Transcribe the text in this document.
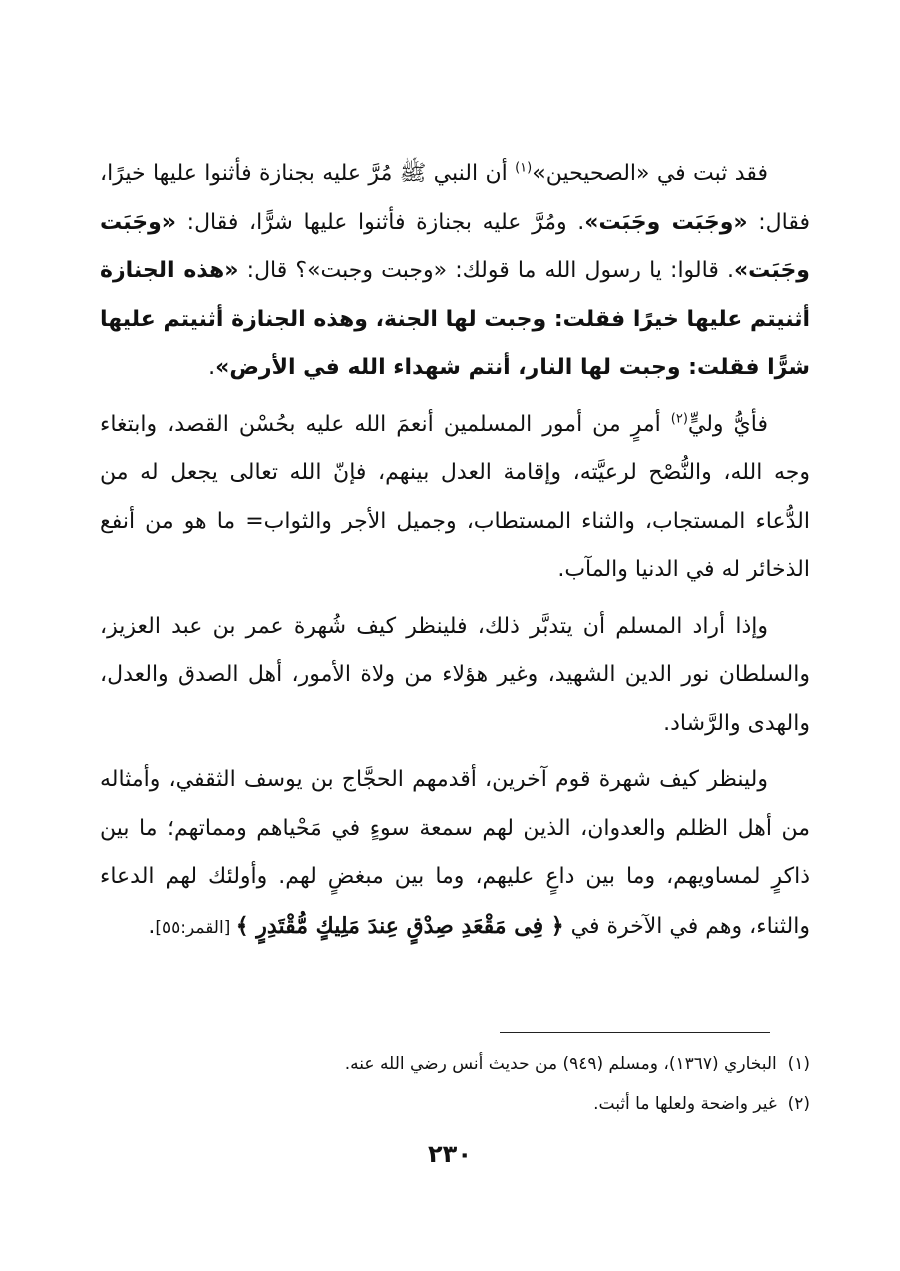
فقد ثبت في «الصحيحين»$^{(١)}$ أن النبي ﷺ مُرَّ عليه بجنازة فأثنوا عليها خيرًا، فقال: «وجَبَت وجَبَت». ومُرَّ عليه بجنازة فأثنوا عليها شرًّا، فقال: «وجَبَت وجَبَت». قالوا: يا رسول الله ما قولك: «وجبت وجبت»؟ قال: «هذه الجنازة أثنيتم عليها خيرًا فقلت: وجبت لها الجنة، وهذه الجنازة أثنيتم عليها شرًّا فقلت: وجبت لها النار، أنتم شهداء الله في الأرض».

فأيُّ وليٍّ$^{(٢)}$ أمرٍ من أمور المسلمين أنعمَ الله عليه بحُسْن القصد، وابتغاء وجه الله، والنُّصْح لرعيَّته، وإقامة العدل بينهم، فإنّ الله تعالى يجعل له من الدُّعاء المستجاب، والثناء المستطاب، وجميل الأجر والثواب= ما هو من أنفع الذخائر له في الدنيا والمآب.

وإذا أراد المسلم أن يتدبَّر ذلك، فلينظر كيف شُهرة عمر بن عبد العزيز، والسلطان نور الدين الشهيد، وغير هؤلاء من ولاة الأمور، أهل الصدق والعدل، والهدى والرَّشاد.

ولينظر كيف شهرة قوم آخرين، أقدمهم الحجَّاج بن يوسف الثقفي، وأمثاله من أهل الظلم والعدوان، الذين لهم سمعة سوءٍ في مَحْياهم ومماتهم؛ ما بين ذاكرٍ لمساويهم، وما بين داعٍ عليهم، وما بين مبغضٍ لهم. وأولئك لهم الدعاء والثناء، وهم في الآخرة في ﴿ فِى مَقْعَدِ صِدْقٍ عِندَ مَلِيكٍ مُّقْتَدِرٍ ﴾ [القمر:٥٥].

(١)  البخاري (١٣٦٧)، ومسلم (٩٤٩) من حديث أنس رضي الله عنه.

(٢)  غير واضحة ولعلها ما أثبت.

٢٣٠
